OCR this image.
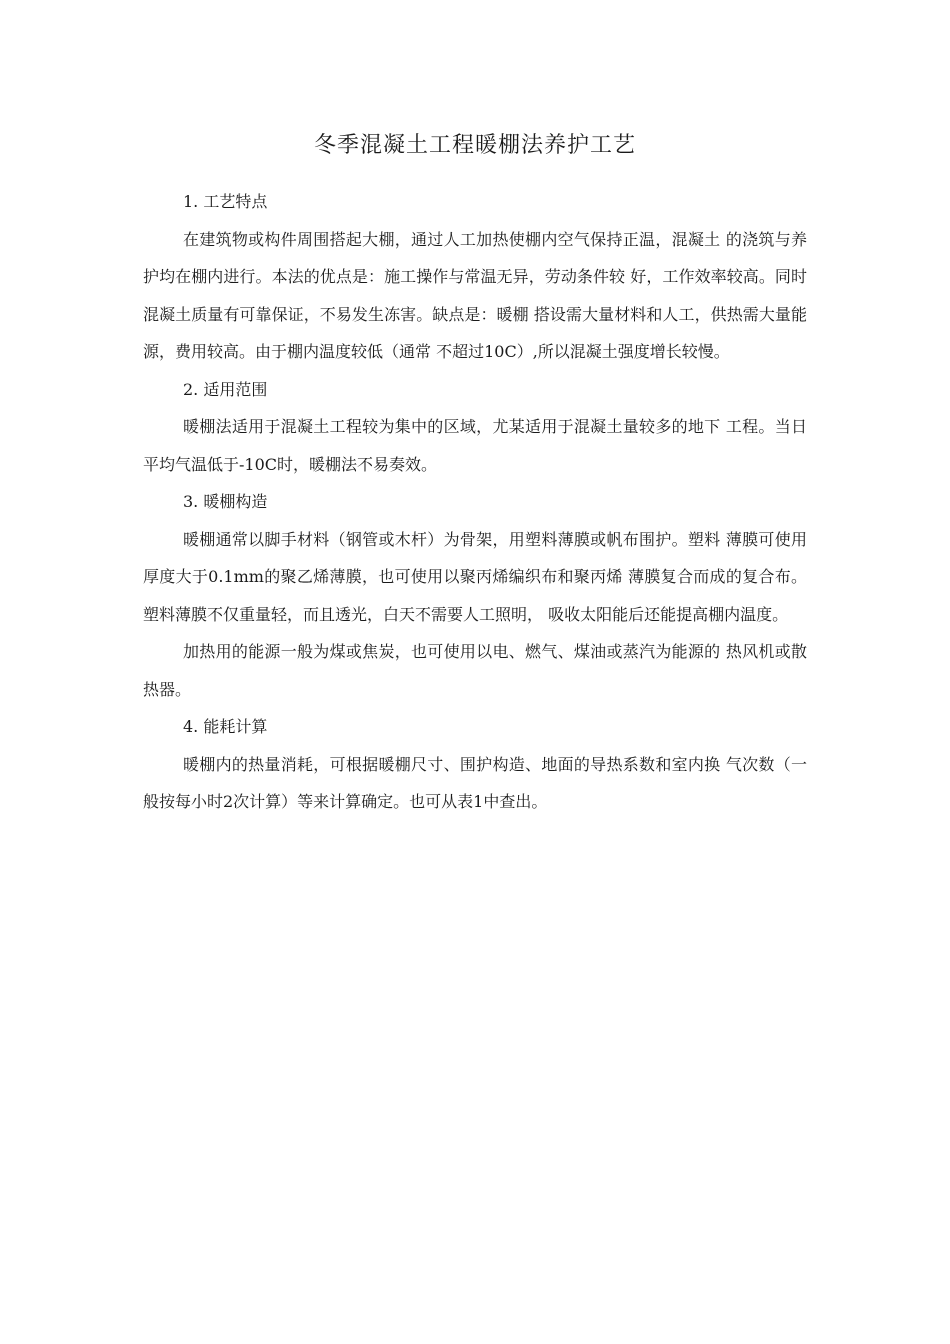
冬季混凝土工程暖棚法养护工艺

1. 工艺特点

在建筑物或构件周围搭起大棚，通过人工加热使棚内空气保持正温，混凝土 的浇筑与养护均在棚内进行。本法的优点是：施工操作与常温无异，劳动条件较 好，工作效率较高。同时混凝土质量有可靠保证，不易发生冻害。缺点是：暖棚 搭设需大量材料和人工，供热需大量能源，费用较高。由于棚内温度较低（通常 不超过10C）,所以混凝土强度增长较慢。

2. 适用范围

暖棚法适用于混凝土工程较为集中的区域，尤某适用于混凝土量较多的地下 工程。当日平均气温低于-10C时，暖棚法不易奏效。

3. 暖棚构造

暖棚通常以脚手材料（钢管或木杆）为骨架，用塑料薄膜或帆布围护。塑料 薄膜可使用厚度大于0.1mm的聚乙烯薄膜，也可使用以聚丙烯编织布和聚丙烯 薄膜复合而成的复合布。塑料薄膜不仅重量轻，而且透光，白天不需要人工照明， 吸收太阳能后还能提高棚内温度。

加热用的能源一般为煤或焦炭，也可使用以电、燃气、煤油或蒸汽为能源的 热风机或散热器。

4. 能耗计算

暖棚内的热量消耗，可根据暖棚尺寸、围护构造、地面的导热系数和室内换 气次数（一般按每小时2次计算）等来计算确定。也可从表1中查出。
